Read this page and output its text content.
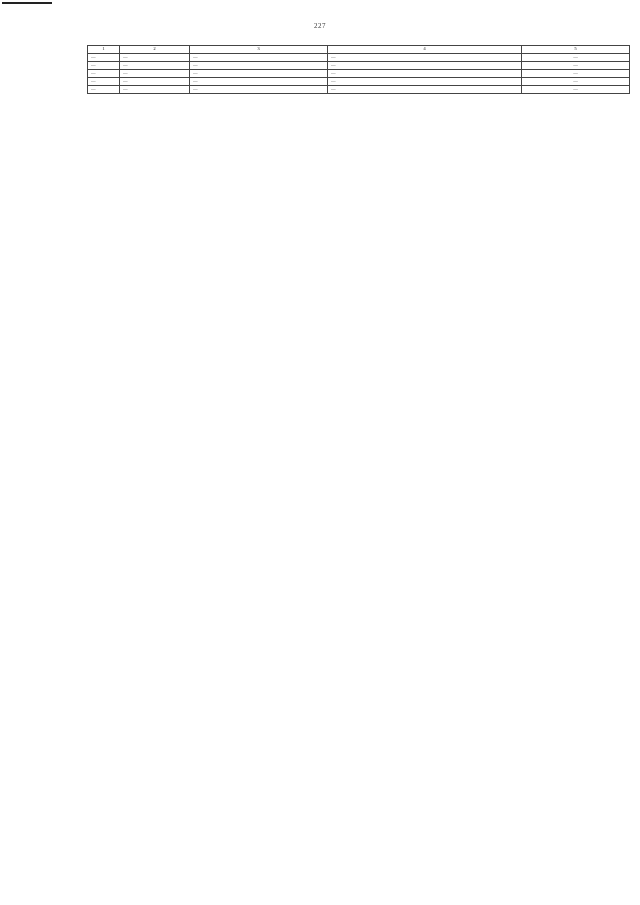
227
1	2	3	4	5
—	—	—	—	—
—	—	—	—	—
—	—	—	—	—
—	—	—	—	—
—	—	—	—	—
